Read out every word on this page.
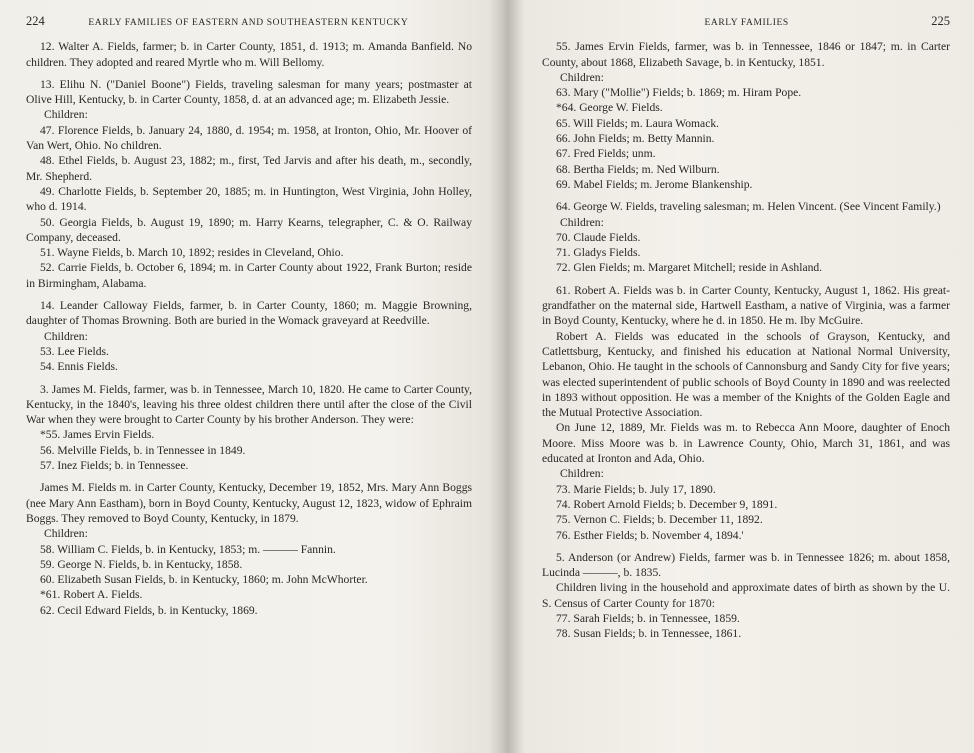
224	EARLY FAMILIES OF EASTERN AND SOUTHEASTERN KENTUCKY

12. Walter A. Fields, farmer; b. in Carter County, 1851, d. 1913; m. Amanda Banfield. No children. They adopted and reared Myrtle who m. Will Bellomy.

13. Elihu N. ("Daniel Boone") Fields, traveling salesman for many years; postmaster at Olive Hill, Kentucky, b. in Carter County, 1858, d. at an advanced age; m. Elizabeth Jessie.

Children:

47. Florence Fields, b. January 24, 1880, d. 1954; m. 1958, at Ironton, Ohio, Mr. Hoover of Van Wert, Ohio. No children.

48. Ethel Fields, b. August 23, 1882; m., first, Ted Jarvis and after his death, m., secondly, Mr. Shepherd.

49. Charlotte Fields, b. September 20, 1885; m. in Huntington, West Virginia, John Holley, who d. 1914.

50. Georgia Fields, b. August 19, 1890; m. Harry Kearns, telegrapher, C. & O. Railway Company, deceased.

51. Wayne Fields, b. March 10, 1892; resides in Cleveland, Ohio.

52. Carrie Fields, b. October 6, 1894; m. in Carter County about 1922, Frank Burton; reside in Birmingham, Alabama.

14. Leander Calloway Fields, farmer, b. in Carter County, 1860; m. Maggie Browning, daughter of Thomas Browning. Both are buried in the Womack graveyard at Reedville.

Children:

53. Lee Fields.

54. Ennis Fields.

3. James M. Fields, farmer, was b. in Tennessee, March 10, 1820. He came to Carter County, Kentucky, in the 1840's, leaving his three oldest children there until after the close of the Civil War when they were brought to Carter County by his brother Anderson. They were:

*55. James Ervin Fields.

56. Melville Fields, b. in Tennessee in 1849.

57. Inez Fields; b. in Tennessee.

James M. Fields m. in Carter County, Kentucky, December 19, 1852, Mrs. Mary Ann Boggs (nee Mary Ann Eastham), born in Boyd County, Kentucky, August 12, 1823, widow of Ephraim Boggs. They removed to Boyd County, Kentucky, in 1879.

Children:

58. William C. Fields, b. in Kentucky, 1853; m. ——— Fannin.

59. George N. Fields, b. in Kentucky, 1858.

60. Elizabeth Susan Fields, b. in Kentucky, 1860; m. John McWhorter.

*61. Robert A. Fields.

62. Cecil Edward Fields, b. in Kentucky, 1869.

EARLY FAMILIES	225

55. James Ervin Fields, farmer, was b. in Tennessee, 1846 or 1847; m. in Carter County, about 1868, Elizabeth Savage, b. in Kentucky, 1851.

Children:

63. Mary ("Mollie") Fields; b. 1869; m. Hiram Pope.

*64. George W. Fields.

65. Will Fields; m. Laura Womack.

66. John Fields; m. Betty Mannin.

67. Fred Fields; unm.

68. Bertha Fields; m. Ned Wilburn.

69. Mabel Fields; m. Jerome Blankenship.

64. George W. Fields, traveling salesman; m. Helen Vincent. (See Vincent Family.)

Children:

70. Claude Fields.

71. Gladys Fields.

72. Glen Fields; m. Margaret Mitchell; reside in Ashland.

61. Robert A. Fields was b. in Carter County, Kentucky, August 1, 1862. His great-grandfather on the maternal side, Hartwell Eastham, a native of Virginia, was a farmer in Boyd County, Kentucky, where he d. in 1850. He m. Iby McGuire.

Robert A. Fields was educated in the schools of Grayson, Kentucky, and Catlettsburg, Kentucky, and finished his education at National Normal University, Lebanon, Ohio. He taught in the schools of Cannonsburg and Sandy City for five years; was elected superintendent of public schools of Boyd County in 1890 and was reelected in 1893 without opposition. He was a member of the Knights of the Golden Eagle and the Mutual Protective Association.

On June 12, 1889, Mr. Fields was m. to Rebecca Ann Moore, daughter of Enoch Moore. Miss Moore was b. in Lawrence County, Ohio, March 31, 1861, and was educated at Ironton and Ada, Ohio.

Children:

73. Marie Fields; b. July 17, 1890.

74. Robert Arnold Fields; b. December 9, 1891.

75. Vernon C. Fields; b. December 11, 1892.

76. Esther Fields; b. November 4, 1894.'

5. Anderson (or Andrew) Fields, farmer was b. in Tennessee 1826; m. about 1858, Lucinda ———, b. 1835.

Children living in the household and approximate dates of birth as shown by the U. S. Census of Carter County for 1870:

77. Sarah Fields; b. in Tennessee, 1859.

78. Susan Fields; b. in Tennessee, 1861.
